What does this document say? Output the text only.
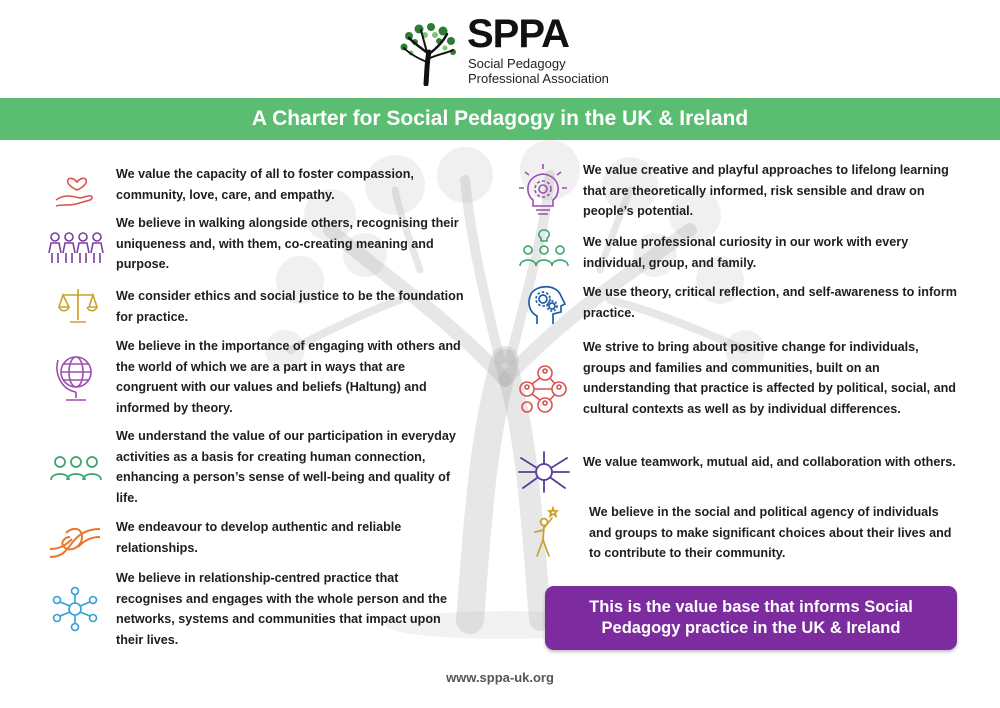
SPPA
Social Pedagogy
Professional Association
A Charter for Social Pedagogy in the UK & Ireland
We value the capacity of all to foster compassion, community, love, care, and empathy.
We believe in walking alongside others, recognising their uniqueness and, with them, co-creating meaning and purpose.
We consider ethics and social justice to be the foundation for practice.
We believe in the importance of engaging with others and the world of which we are a part in ways that are congruent with our values and beliefs (Haltung) and informed by theory.
We understand the value of our participation in everyday activities as a basis for creating human connection, enhancing a person’s sense of well-being and quality of life.
We endeavour to develop authentic and reliable relationships.
We believe in relationship-centred practice that recognises and engages with the whole person and the networks, systems and communities that impact upon their lives.
We value creative and playful approaches to lifelong learning that are theoretically informed, risk sensible and draw on people’s potential.
We value professional curiosity in our work with every individual, group, and family.
We use theory, critical reflection, and self-awareness to inform practice.
We strive to bring about positive change for individuals, groups and families and communities, built on an understanding that practice is affected by political, social, and cultural contexts as well as by individual differences.
We value teamwork, mutual aid, and collaboration with others.
We believe in the social and political agency of individuals and groups to make significant choices about their lives and to contribute to their community.
This is the value base that informs Social Pedagogy practice in the UK & Ireland
www.sppa-uk.org
